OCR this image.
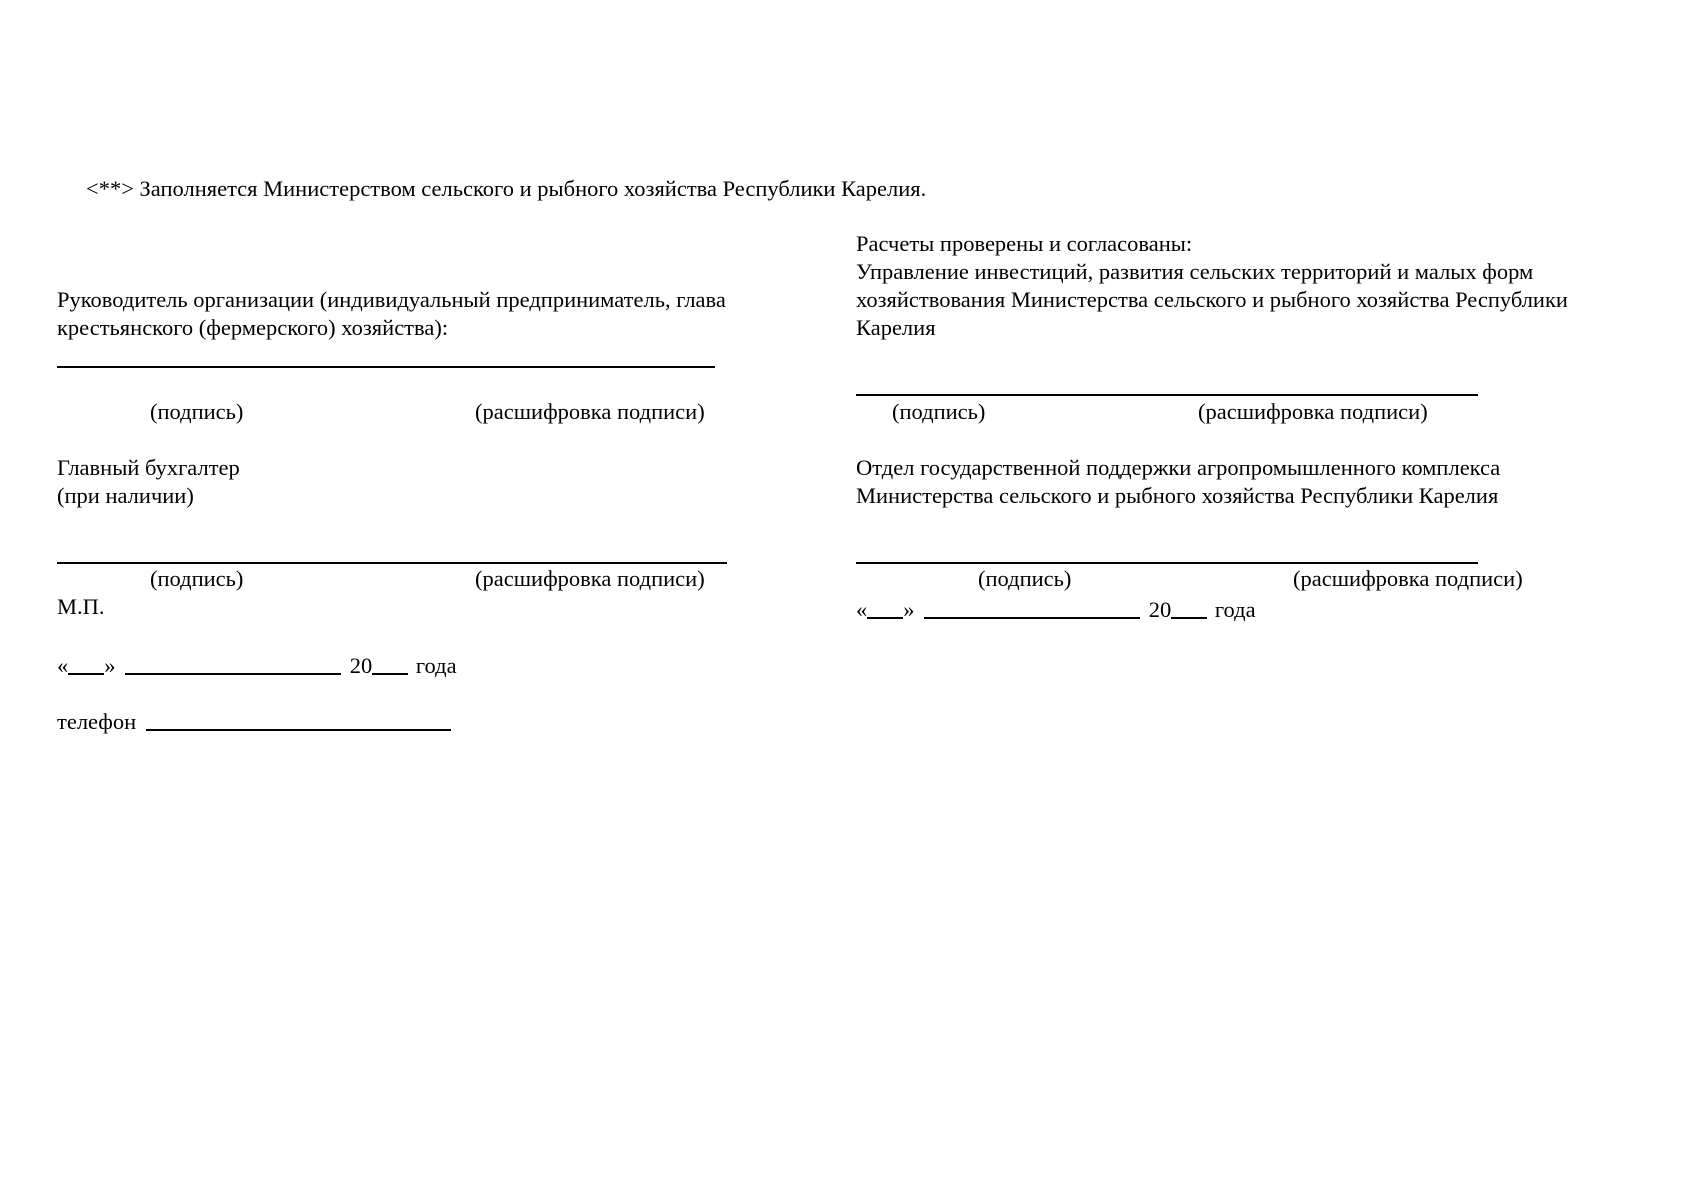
<**> Заполняется Министерством сельского и рыбного хозяйства Республики Карелия.
Руководитель организации (индивидуальный предприниматель, глава
крестьянского (фермерского) хозяйства):
(подпись)	(расшифровка подписи)
Главный бухгалтер
(при наличии)
(подпись)	(расшифровка подписи)
М.П.
« »	20 года
телефон
Расчеты проверены и согласованы:
Управление инвестиций, развития сельских территорий и малых форм
хозяйствования Министерства сельского и рыбного хозяйства Республики
Карелия
(подпись)	(расшифровка подписи)
Отдел государственной поддержки агропромышленного комплекса
Министерства сельского и рыбного хозяйства Республики Карелия
(подпись)	(расшифровка подписи)
« »	20 года
